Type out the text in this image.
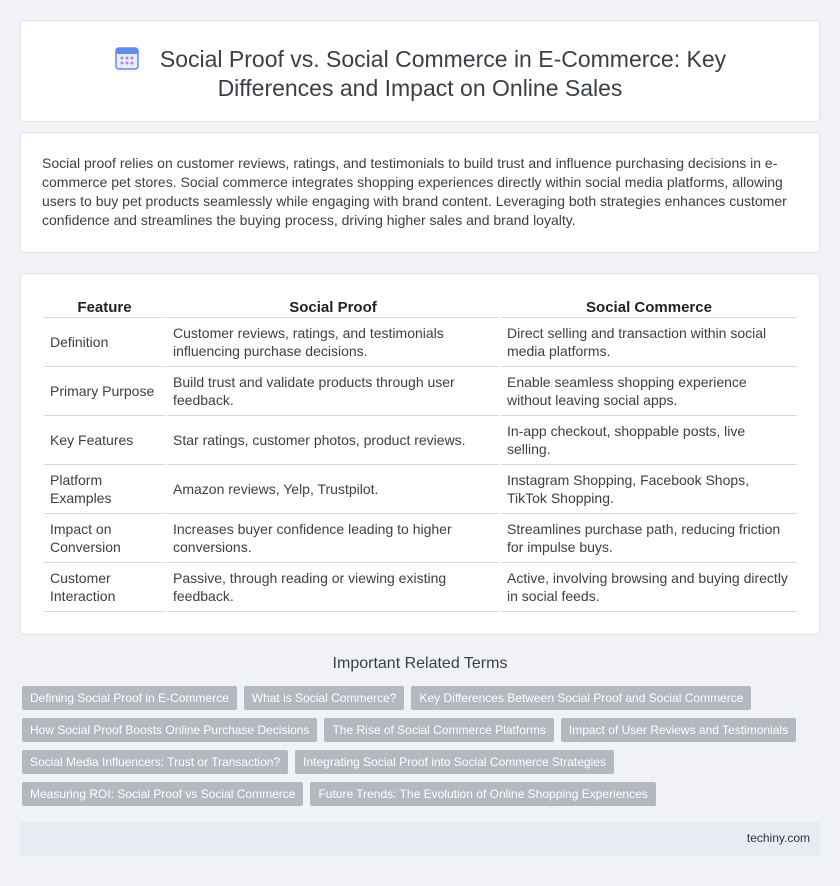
Social Proof vs. Social Commerce in E-Commerce: Key Differences and Impact on Online Sales

Social proof relies on customer reviews, ratings, and testimonials to build trust and influence purchasing decisions in e-commerce pet stores. Social commerce integrates shopping experiences directly within social media platforms, allowing users to buy pet products seamlessly while engaging with brand content. Leveraging both strategies enhances customer confidence and streamlines the buying process, driving higher sales and brand loyalty.

Feature	Social Proof	Social Commerce
Definition	Customer reviews, ratings, and testimonials influencing purchase decisions.	Direct selling and transaction within social media platforms.
Primary Purpose	Build trust and validate products through user feedback.	Enable seamless shopping experience without leaving social apps.
Key Features	Star ratings, customer photos, product reviews.	In-app checkout, shoppable posts, live selling.
Platform Examples	Amazon reviews, Yelp, Trustpilot.	Instagram Shopping, Facebook Shops, TikTok Shopping.
Impact on Conversion	Increases buyer confidence leading to higher conversions.	Streamlines purchase path, reducing friction for impulse buys.
Customer Interaction	Passive, through reading or viewing existing feedback.	Active, involving browsing and buying directly in social feeds.
Important Related Terms
Defining Social Proof in E-Commerce	What is Social Commerce?	Key Differences Between Social Proof and Social Commerce
How Social Proof Boosts Online Purchase Decisions	The Rise of Social Commerce Platforms	Impact of User Reviews and Testimonials
Social Media Influencers: Trust or Transaction?	Integrating Social Proof into Social Commerce Strategies
Measuring ROI: Social Proof vs Social Commerce	Future Trends: The Evolution of Online Shopping Experiences
techiny.com
